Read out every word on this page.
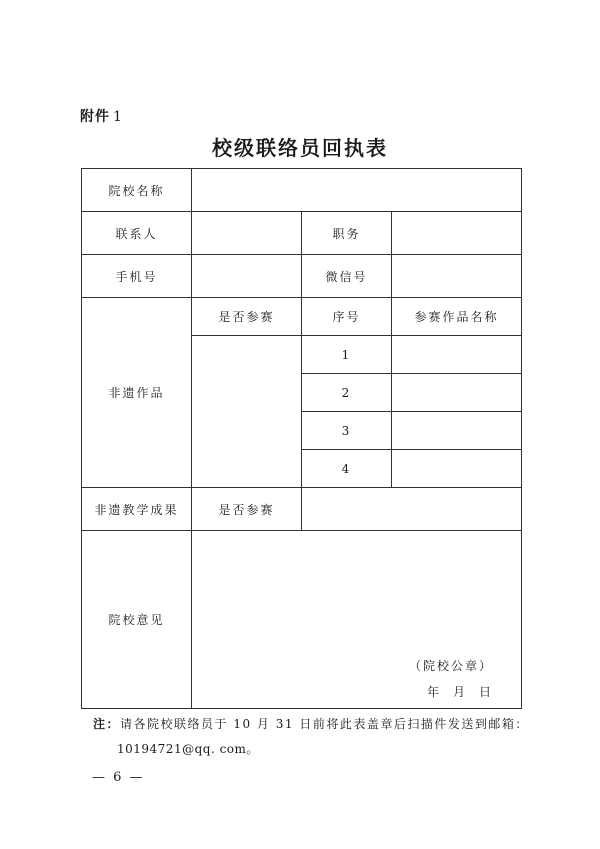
附件 1
校级联络员回执表
院校名称			
联系人		职务	
手机号		微信号	
非遗作品	是否参赛	序号	参赛作品名称
		1	
		2	
		3	
		4	
非遗教学成果	是否参赛		
院校意见	（院校公章）
年月日		
注：请各院校联络员于 10 月 31 日前将此表盖章后扫描件发送到邮箱：
10194721@qq. com。
— 6 —
